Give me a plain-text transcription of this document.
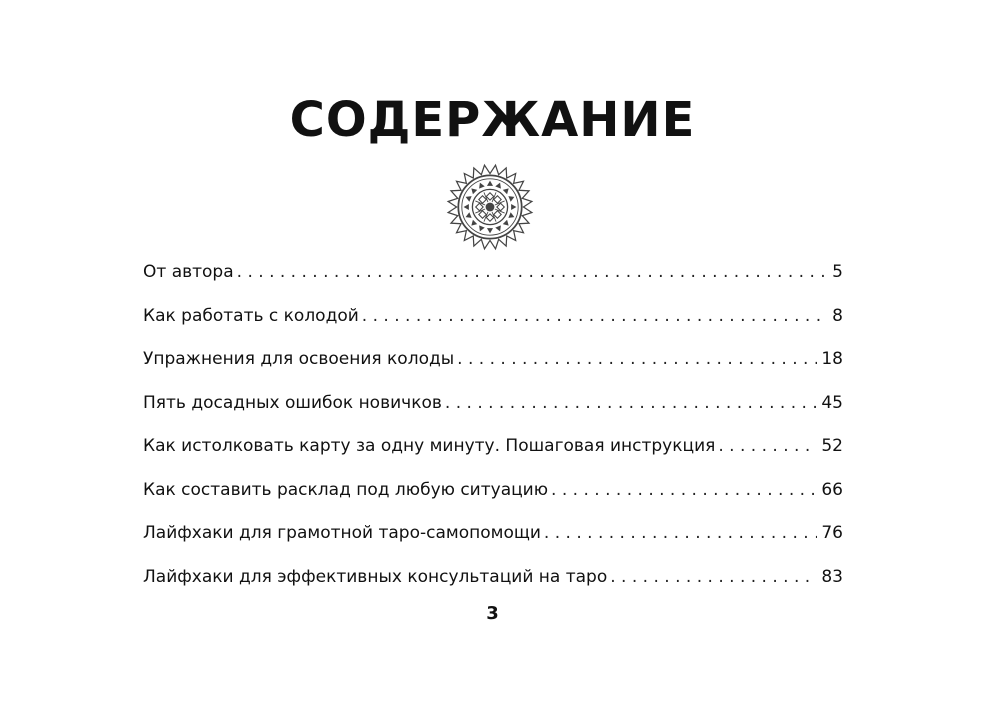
СОДЕРЖАНИЕ
От автора . . .	5
Как работать с колодой . . .	8
Упражнения для освоения колоды . . .	18
Пять досадных ошибок новичков . . .	45
Как истолковать карту за одну минуту. Пошаговая инструкция . . .	52
Как составить расклад под любую ситуацию . . .	66
Лайфхаки для грамотной таро-самопомощи . . .	76
Лайфхаки для эффективных консультаций на таро . . .	83
3
